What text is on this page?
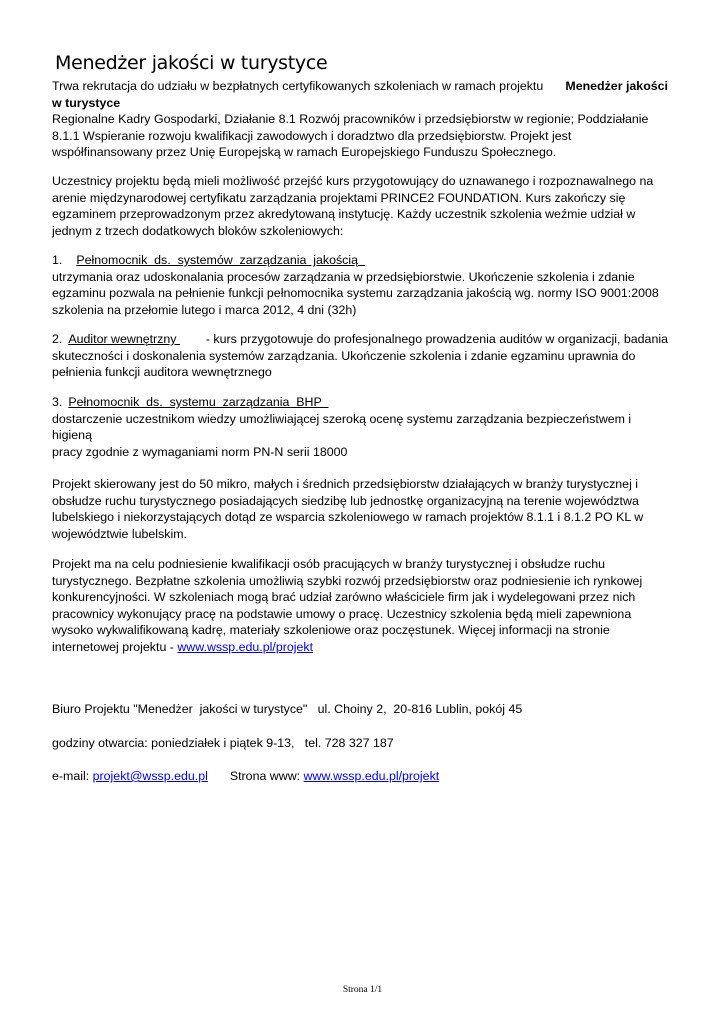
Menedżer jakości w turystyce
Trwa rekrutacja do udziału w bezpłatnych certyfikowanych szkoleniach w ramach projektu Menedżer jakości
w turystyce
Regionalne Kadry Gospodarki, Działanie 8.1 Rozwój pracowników i przedsiębiorstw w regionie; Poddziałanie
8.1.1 Wspieranie rozwoju kwalifikacji zawodowych i doradztwo dla przedsiębiorstw. Projekt jest
współfinansowany przez Unię Europejską w ramach Europejskiego Funduszu Społecznego.
Uczestnicy projektu będą mieli możliwość przejść kurs przygotowujący do uznawanego i rozpoznawalnego na
arenie międzynarodowej certyfikatu zarządzania projektami PRINCE2 FOUNDATION. Kurs zakończy się
egzaminem przeprowadzonym przez akredytowaną instytucję. Każdy uczestnik szkolenia weźmie udział w
jednym z trzech dodatkowych bloków szkoleniowych:
1. Pełnomocnik  ds.  systemów  zarządzania  jakością
utrzymania oraz udoskonalania procesów zarządzania w przedsiębiorstwie. Ukończenie szkolenia i zdanie
egzaminu pozwala na pełnienie funkcji pełnomocnika systemu zarządzania jakością wg. normy ISO 9001:2008
szkolenia na przełomie lutego i marca 2012, 4 dni (32h)
2. Auditor wewnętrzny - kurs przygotowuje do profesjonalnego prowadzenia auditów w organizacji, badania
skuteczności i doskonalenia systemów zarządzania. Ukończenie szkolenia i zdanie egzaminu uprawnia do
pełnienia funkcji auditora wewnętrznego
3. Pełnomocnik  ds.  systemu  zarządzania  BHP
dostarczenie uczestnikom wiedzy umożliwiającej szeroką ocenę systemu zarządzania bezpieczeństwem i higieną
pracy zgodnie z wymaganiami norm PN-N serii 18000
Projekt skierowany jest do 50 mikro, małych i średnich przedsiębiorstw działających w branży turystycznej i
obsłudze ruchu turystycznego posiadających siedzibę lub jednostkę organizacyjną na terenie województwa
lubelskiego i niekorzystających dotąd ze wsparcia szkoleniowego w ramach projektów 8.1.1 i 8.1.2 PO KL w
województwie lubelskim.
Projekt ma na celu podniesienie kwalifikacji osób pracujących w branży turystycznej i obsłudze ruchu
turystycznego. Bezpłatne szkolenia umożliwią szybki rozwój przedsiębiorstw oraz podniesienie ich rynkowej
konkurencyjności. W szkoleniach mogą brać udział zarówno właściciele firm jak i wydelegowani przez nich
pracownicy wykonujący pracę na podstawie umowy o pracę. Uczestnicy szkolenia będą mieli zapewniona
wysoko wykwalifikowaną kadrę, materiały szkoleniowe oraz poczęstunek. Więcej informacji na stronie
internetowej projektu - www.wssp.edu.pl/projekt
Biuro Projektu "Menedżer  jakości w turystyce"   ul. Choiny 2,  20-816 Lublin, pokój 45
godziny otwarcia: poniedziałek i piątek 9-13,   tel. 728 327 187
e-mail: projekt@wssp.edu.pl Strona www: www.wssp.edu.pl/projekt
Strona 1/1
